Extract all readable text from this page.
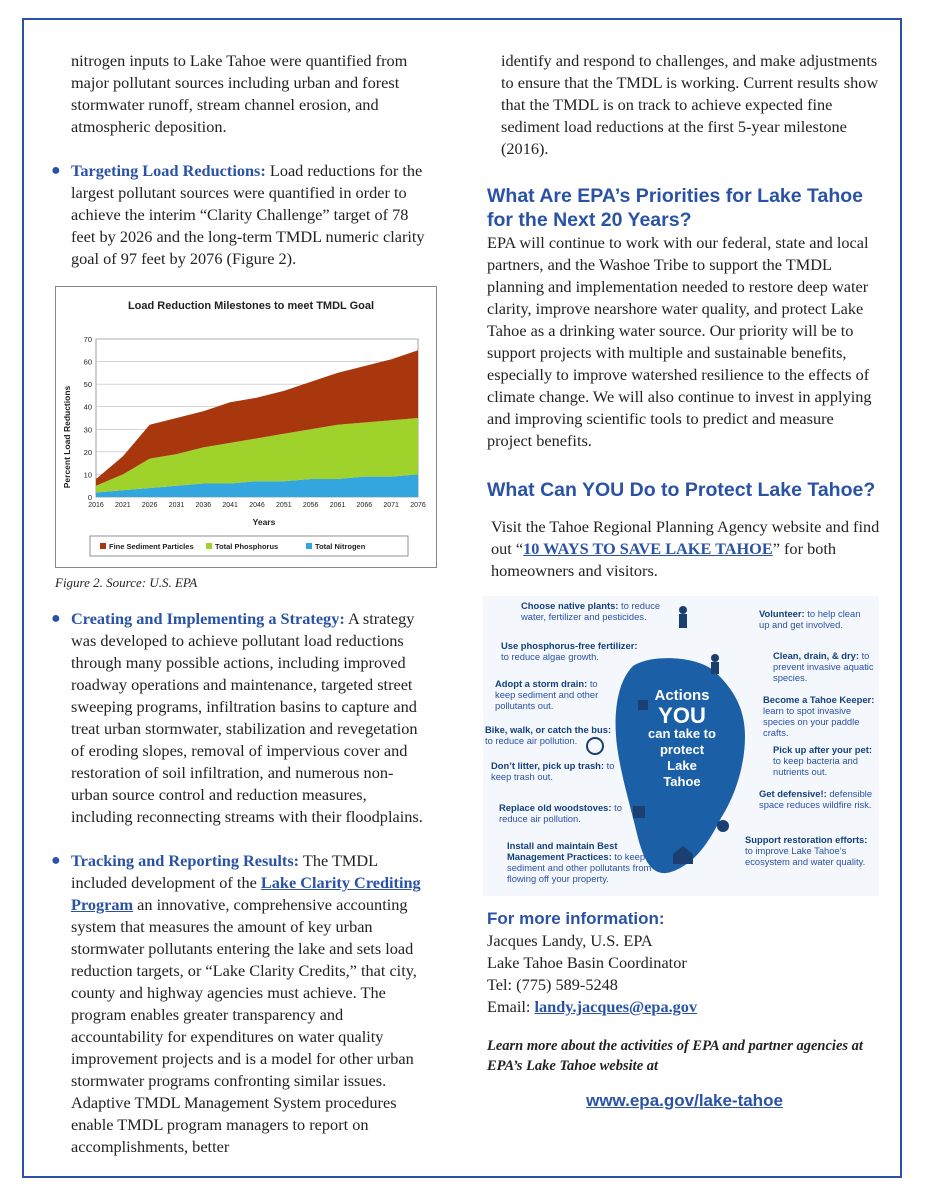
nitrogen inputs to Lake Tahoe were quantified from major pollutant sources including urban and forest stormwater runoff, stream channel erosion, and atmospheric deposition.

● Targeting Load Reductions: Load reductions for the largest pollutant sources were quantified in order to achieve the interim “Clarity Challenge” target of 78 feet by 2026 and the long-term TMDL numeric clarity goal of 97 feet by 2076 (Figure 2).
Load Reduction Milestones to meet TMDL Goal
Percent Load Reductions
Years
0
10
20
30
40
50
60
70
2016 2021 2026 2031 2036 2041 2046 2051 2056 2061 2066 2071 2076
Fine Sediment Particles	Total Phosphorus	Total Nitrogen

Figure 2. Source: U.S. EPA

● Creating and Implementing a Strategy: A strategy was developed to achieve pollutant load reductions through many possible actions, including improved roadway operations and maintenance, targeted street sweeping programs, infiltration basins to capture and treat urban stormwater, stabilization and revegetation of eroding slopes, removal of impervious cover and restoration of soil infiltration, and numerous non-urban source control and reduction measures, including reconnecting streams with their floodplains.
● Tracking and Reporting Results: The TMDL included development of the Lake Clarity Crediting Program an innovative, comprehensive accounting system that measures the amount of key urban stormwater pollutants entering the lake and sets load reduction targets, or “Lake Clarity Credits,” that city, county and highway agencies must achieve. The program enables greater transparency and accountability for expenditures on water quality improvement projects and is a model for other urban stormwater programs confronting similar issues. Adaptive TMDL Management System procedures enable TMDL program managers to report on accomplishments, better

identify and respond to challenges, and make adjustments to ensure that the TMDL is working. Current results show that the TMDL is on track to achieve expected fine sediment load reductions at the first 5-year milestone (2016).

What Are EPA’s Priorities for Lake Tahoe for the Next 20 Years?

EPA will continue to work with our federal, state and local partners, and the Washoe Tribe to support the TMDL planning and implementation needed to restore deep water clarity, improve nearshore water quality, and protect Lake Tahoe as a drinking water source. Our priority will be to support projects with multiple and sustainable benefits, especially to improve watershed resilience to the effects of climate change. We will also continue to invest in applying and improving scientific tools to predict and measure project benefits.

What Can YOU Do to Protect Lake Tahoe?

Visit the Tahoe Regional Planning Agency website and find out “10 WAYS TO SAVE LAKE TAHOE” for both homeowners and visitors.

Actions
YOU
can take to
protect
Lake
Tahoe
Choose native plants: to reduce water, fertilizer and pesticides.
Use phosphorus-free fertilizer: to reduce algae growth.
Adopt a storm drain: to keep sediment and other pollutants out.
Bike, walk, or catch the bus: to reduce air pollution.
Don’t litter, pick up trash: to keep trash out.
Replace old woodstoves: to reduce air pollution.
Install and maintain Best Management Practices: to keep sediment and other pollutants from flowing off your property.
Volunteer: to help clean up and get involved.
Clean, drain, & dry: to prevent invasive aquatic species.
Become a Tahoe Keeper: learn to spot invasive species on your paddle crafts.
Pick up after your pet: to keep bacteria and nutrients out.
Get defensive!: defensible space reduces wildfire risk.
Support restoration efforts: to improve Lake Tahoe’s ecosystem and water quality.
For more information:

Jacques Landy, U.S. EPA

Lake Tahoe Basin Coordinator

Tel: (775) 589-5248

Email: landy.jacques@epa.gov

Learn more about the activities of EPA and partner agencies at EPA’s Lake Tahoe website at

www.epa.gov/lake-tahoe
